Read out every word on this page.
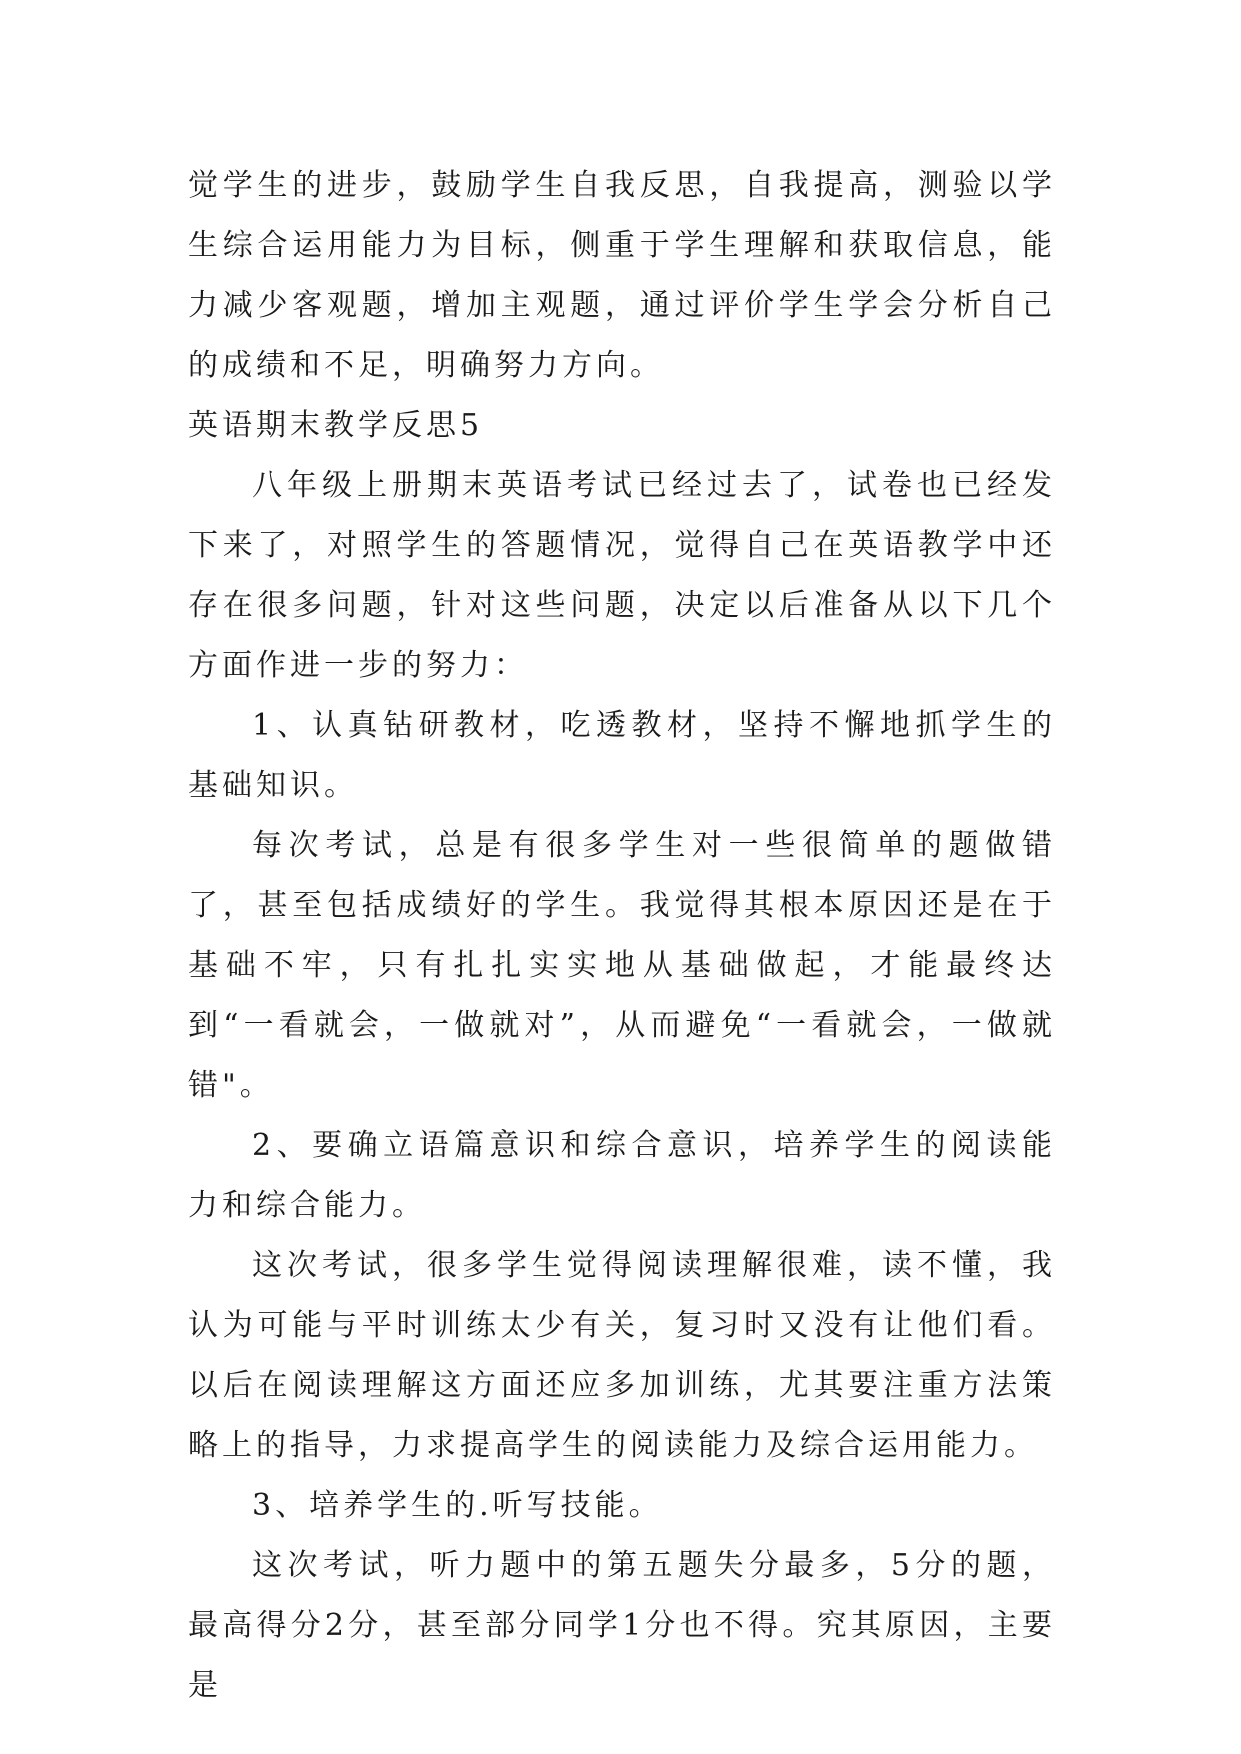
觉学生的进步，鼓励学生自我反思，自我提高，测验以学生综合运用能力为目标，侧重于学生理解和获取信息，能力减少客观题，增加主观题，通过评价学生学会分析自己的成绩和不足，明确努力方向。

英语期末教学反思5

八年级上册期末英语考试已经过去了，试卷也已经发下来了，对照学生的答题情况，觉得自己在英语教学中还存在很多问题，针对这些问题，决定以后准备从以下几个方面作进一步的努力：

1、认真钻研教材，吃透教材，坚持不懈地抓学生的基础知识。

每次考试，总是有很多学生对一些很简单的题做错了，甚至包括成绩好的学生。我觉得其根本原因还是在于基础不牢，只有扎扎实实地从基础做起，才能最终达到“一看就会，一做就对”，从而避免“一看就会，一做就错"。

2、要确立语篇意识和综合意识，培养学生的阅读能力和综合能力。

这次考试，很多学生觉得阅读理解很难，读不懂，我认为可能与平时训练太少有关，复习时又没有让他们看。以后在阅读理解这方面还应多加训练，尤其要注重方法策略上的指导，力求提高学生的阅读能力及综合运用能力。

3、培养学生的.听写技能。

这次考试，听力题中的第五题失分最多，5分的题，最高得分2分，甚至部分同学1分也不得。究其原因，主要是
